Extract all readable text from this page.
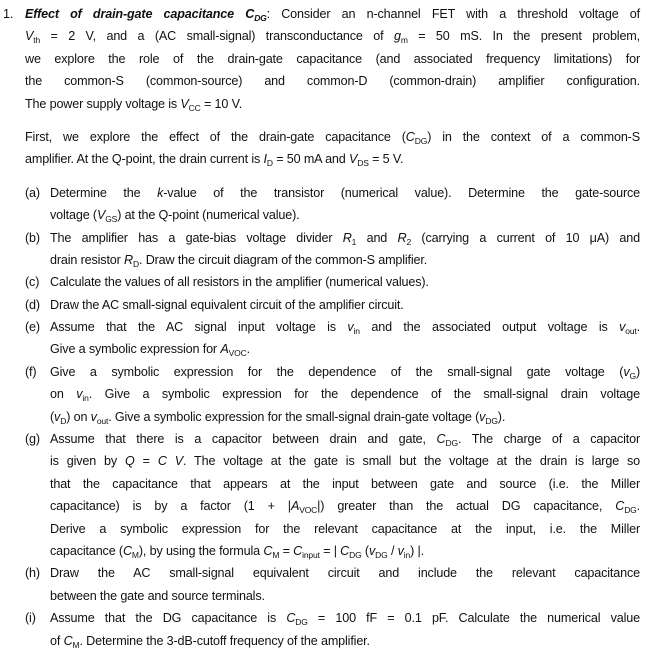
1. Effect of drain-gate capacitance $C_{DG}$: Consider an n-channel FET with a threshold voltage of
$V_{th} = 2$ V, and a (AC small-signal) transconductance of $g_m = 50$ mS. In the present problem,
we explore the role of the drain-gate capacitance (and associated frequency limitations) for
the common-S (common-source) and common-D (common-drain) amplifier configuration.
The power supply voltage is $V_{CC} = 10$ V.
First, we explore the effect of the drain-gate capacitance $(C_{DG})$ in the context of a common-S
amplifier. At the Q-point, the drain current is $I_D = 50$ mA and $V_{DS} = 5$ V.
(a) Determine the k-value of the transistor (numerical value). Determine the gate-source
voltage $(V_{GS})$ at the Q-point (numerical value).
(b) The amplifier has a gate-bias voltage divider $R_1$ and $R_2$ (carrying a current of 10 μA) and
drain resistor $R_D$. Draw the circuit diagram of the common-S amplifier.
(c) Calculate the values of all resistors in the amplifier (numerical values).
(d) Draw the AC small-signal equivalent circuit of the amplifier circuit.
(e) Assume that the AC signal input voltage is $v_{in}$ and the associated output voltage is $v_{out}$.
Give a symbolic expression for $A_{VOC}$.
(f) Give a symbolic expression for the dependence of the small-signal gate voltage $(v_G)$
on $v_{in}$. Give a symbolic expression for the dependence of the small-signal drain voltage
$(v_D)$ on $v_{out}$. Give a symbolic expression for the small-signal drain-gate voltage $(v_{DG})$.
(g) Assume that there is a capacitor between drain and gate, $C_{DG}$. The charge of a capacitor
is given by Q = C V. The voltage at the gate is small but the voltage at the drain is large so
that the capacitance that appears at the input between gate and source (i.e. the Miller
capacitance) is by a factor $(1 + |A_{VOC}|)$ greater than the actual DG capacitance, $C_{DG}$.
Derive a symbolic expression for the relevant capacitance at the input, i.e. the Miller
capacitance $(C_M)$, by using the formula $C_M = C_{input}$ = | $C_{DG}$ $(v_{DG} / v_{in})$ |.
(h) Draw the AC small-signal equivalent circuit and include the relevant capacitance
between the gate and source terminals.
(i) Assume that the DG capacitance is $C_{DG} = 100$ fF = 0.1 pF. Calculate the numerical value
of $C_M$. Determine the 3-dB-cutoff frequency of the amplifier.
